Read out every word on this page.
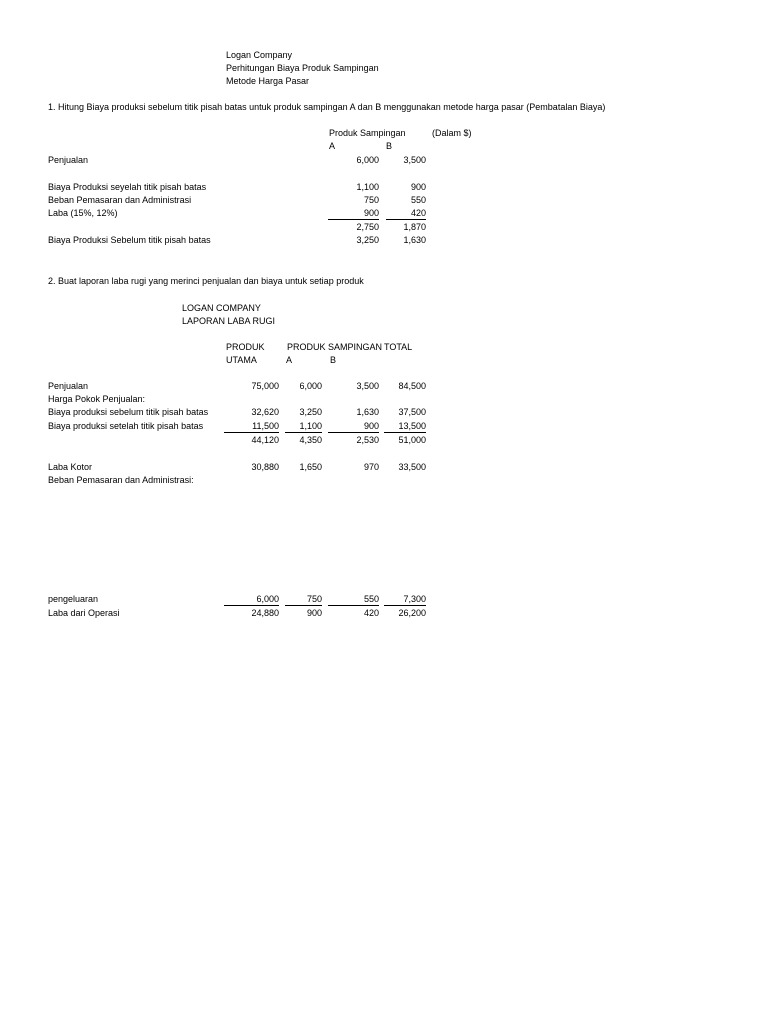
Logan Company
Perhitungan Biaya Produk Sampingan
Metode Harga Pasar
1. Hitung Biaya produksi sebelum titik pisah batas untuk produk sampingan A dan B menggunakan metode harga pasar (Pembatalan Biaya)
Produk Sampingan	(Dalam $)
A	B
Penjualan	6,000	3,500
Biaya Produksi seyelah titik pisah batas	1,100	900
Beban Pemasaran dan Administrasi	750	550
Laba (15%, 12%)	900	420
2,750	1,870
Biaya Produksi Sebelum titik pisah batas	3,250	1,630
2. Buat laporan laba rugi yang merinci penjualan dan biaya untuk setiap produk
LOGAN COMPANY
LAPORAN LABA RUGI
PRODUK
UTAMA
PRODUK SAMPINGAN TOTAL
A	B
Penjualan	75,000	6,000	3,500	84,500
Harga Pokok Penjualan:
Biaya produksi sebelum titik pisah batas	32,620	3,250	1,630	37,500
Biaya produksi setelah titik pisah batas	11,500	1,100	900	13,500
44,120	4,350	2,530	51,000
Laba Kotor	30,880	1,650	970	33,500
Beban Pemasaran dan Administrasi:
pengeluaran	6,000	750	550	7,300
Laba dari Operasi	24,880	900	420	26,200
